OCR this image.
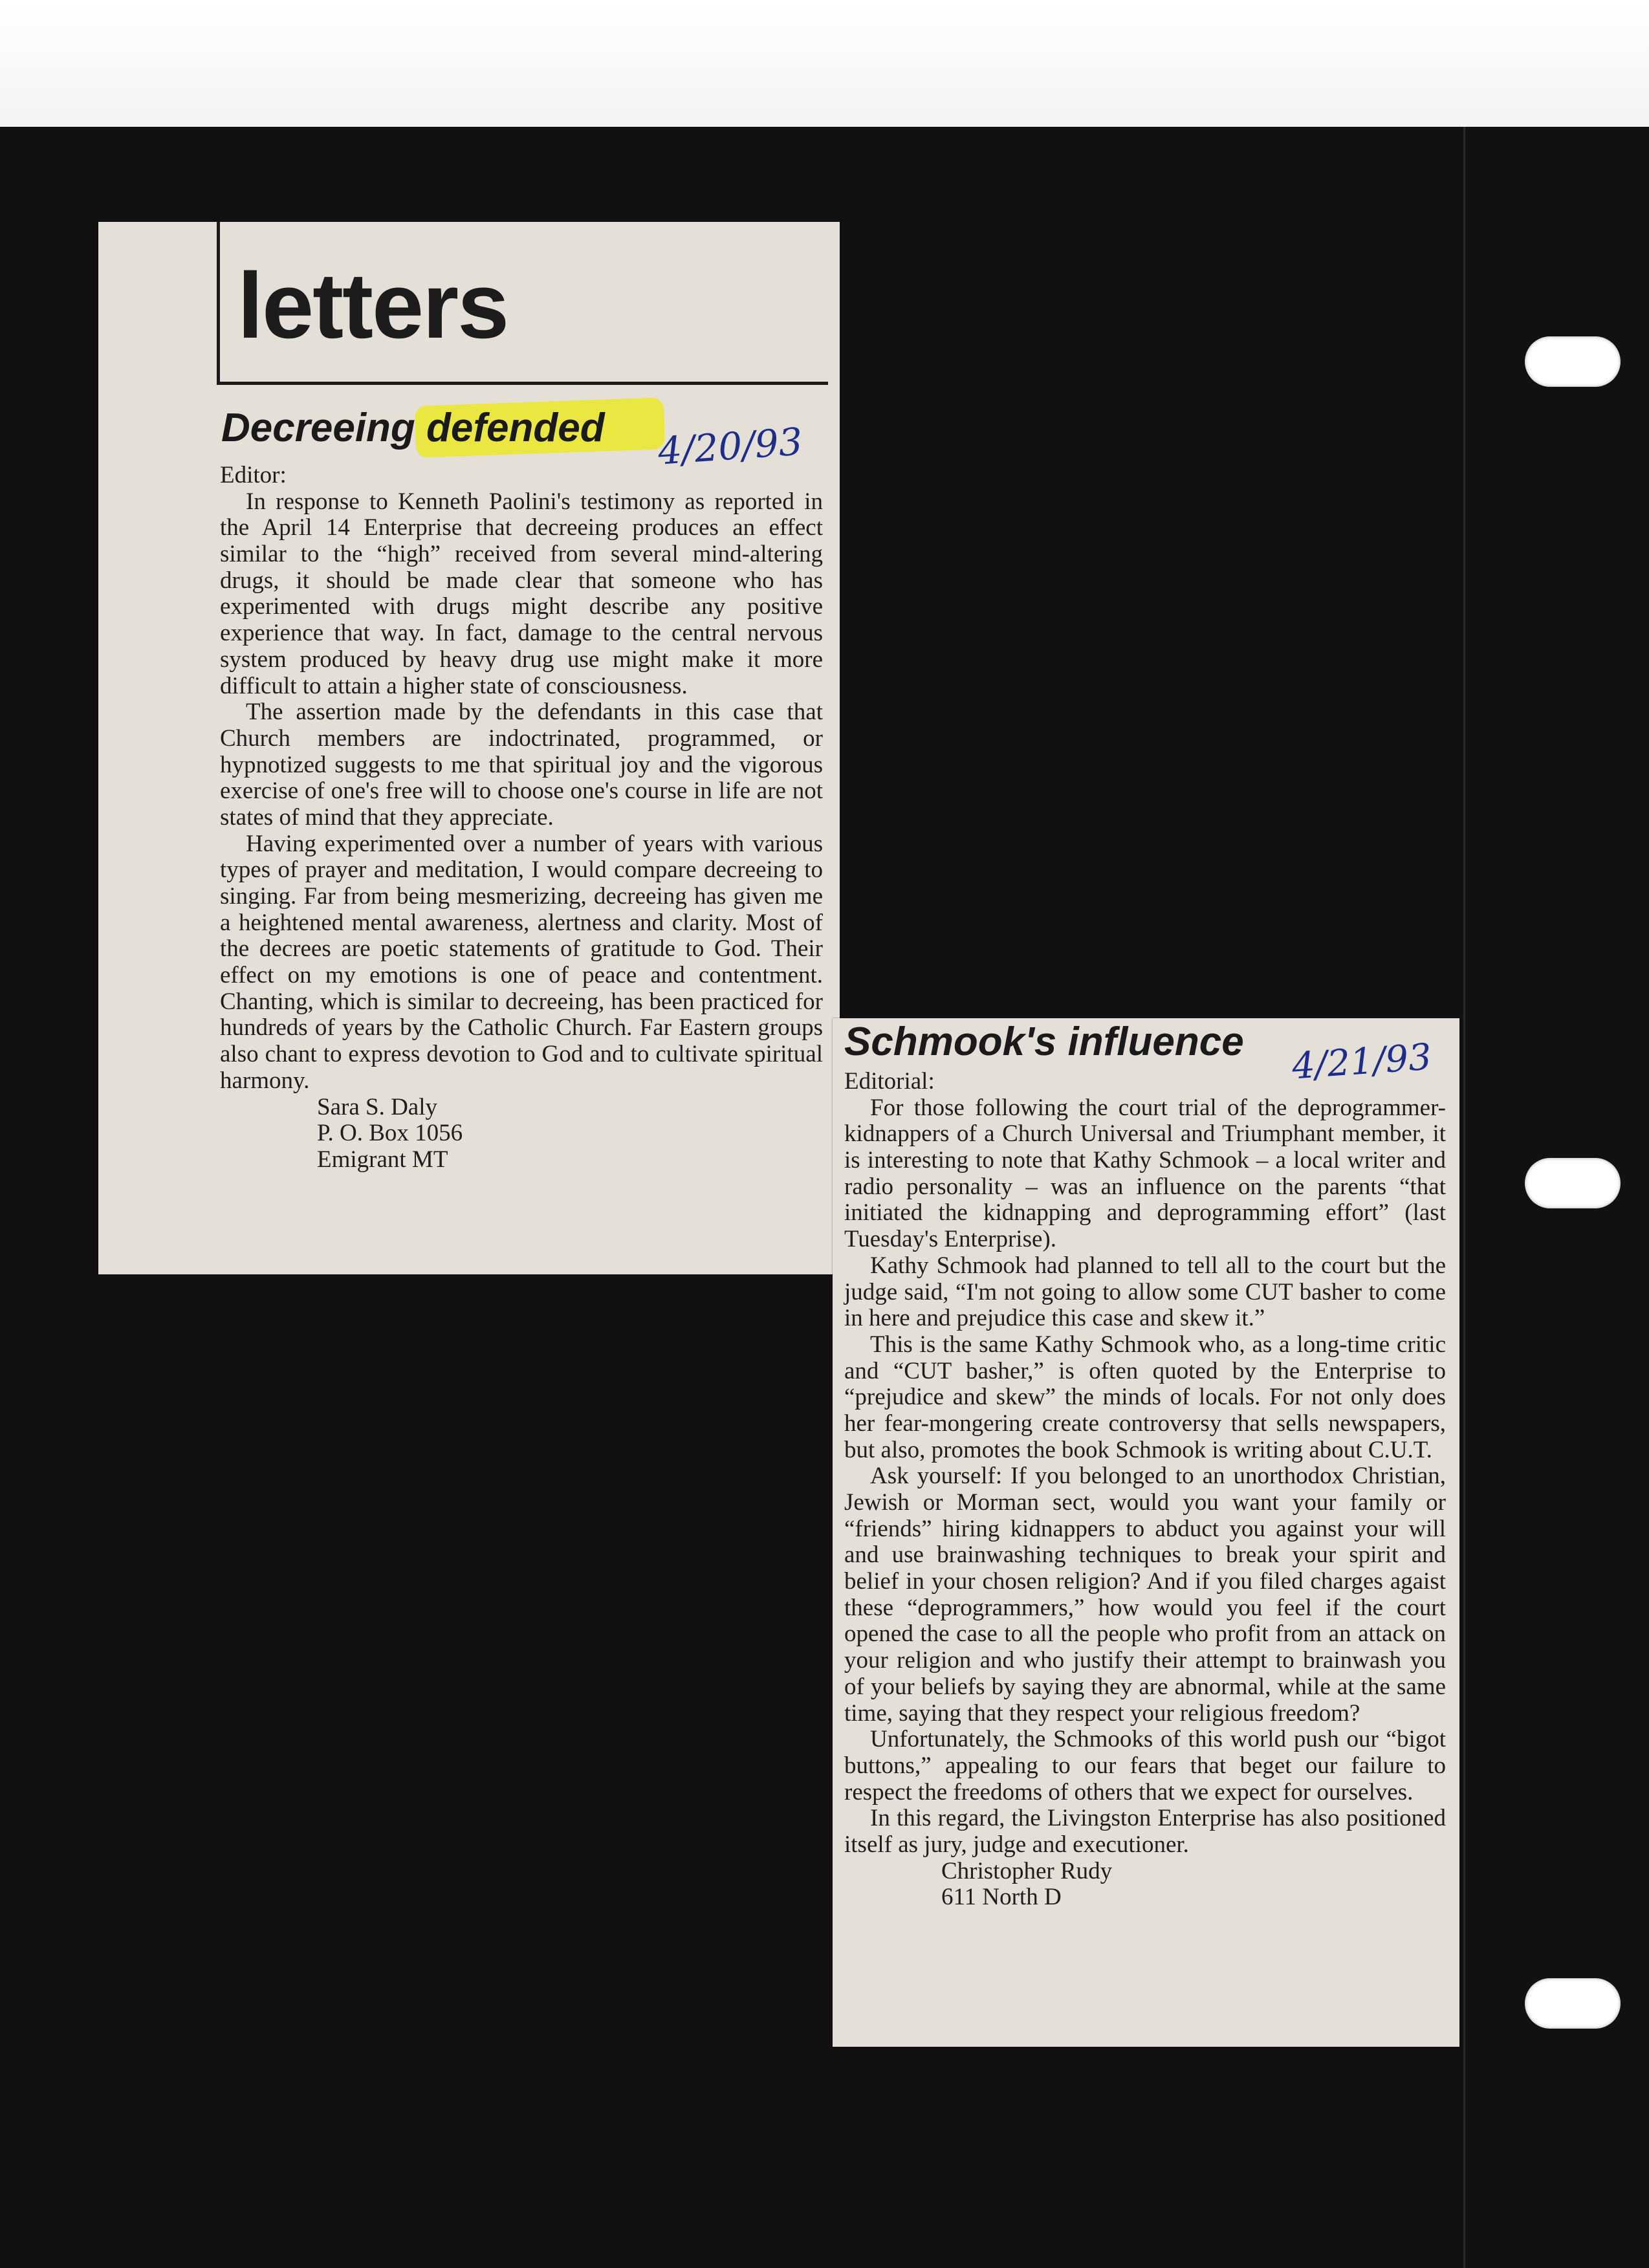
letters
Decreeing defended 4/20/93

Editor:

In response to Kenneth Paolini's testimony as reported in the April 14 Enterprise that decreeing produces an effect similar to the “high” received from several mind-altering drugs, it should be made clear that someone who has experimented with drugs might describe any positive experience that way. In fact, damage to the central nervous system produced by heavy drug use might make it more difficult to attain a higher state of consciousness.

The assertion made by the defendants in this case that Church members are indoctrinated, programmed, or hypnotized suggests to me that spiritual joy and the vigorous exercise of one's free will to choose one's course in life are not states of mind that they appreciate.

Having experimented over a number of years with various types of prayer and meditation, I would compare decreeing to singing. Far from being mesmerizing, decreeing has given me a heightened mental awareness, alertness and clarity. Most of the decrees are poetic statements of gratitude to God. Their effect on my emotions is one of peace and contentment. Chanting, which is similar to decreeing, has been practiced for hundreds of years by the Catholic Church. Far Eastern groups also chant to express devotion to God and to cultivate spiritual harmony.

Sara S. Daly

P. O. Box 1056

Emigrant MT

Schmook's influence 4/21/93

Editorial:

For those following the court trial of the deprogrammer-kidnappers of a Church Universal and Triumphant member, it is interesting to note that Kathy Schmook – a local writer and radio personality – was an influence on the parents “that initiated the kidnapping and deprogramming effort” (last Tuesday's Enterprise).

Kathy Schmook had planned to tell all to the court but the judge said, “I'm not going to allow some CUT basher to come in here and prejudice this case and skew it.”

This is the same Kathy Schmook who, as a long-time critic and “CUT basher,” is often quoted by the Enterprise to “prejudice and skew” the minds of locals. For not only does her fear-mongering create controversy that sells newspapers, but also, promotes the book Schmook is writing about C.U.T.

Ask yourself: If you belonged to an unorthodox Christian, Jewish or Morman sect, would you want your family or “friends” hiring kidnappers to abduct you against your will and use brainwashing techniques to break your spirit and belief in your chosen religion? And if you filed charges agaist these “deprogrammers,” how would you feel if the court opened the case to all the people who profit from an attack on your religion and who justify their attempt to brainwash you of your beliefs by saying they are abnormal, while at the same time, saying that they respect your religious freedom?

Unfortunately, the Schmooks of this world push our “bigot buttons,” appealing to our fears that beget our failure to respect the freedoms of others that we expect for ourselves.

In this regard, the Livingston Enterprise has also positioned itself as jury, judge and executioner.

Christopher Rudy

611 North D
